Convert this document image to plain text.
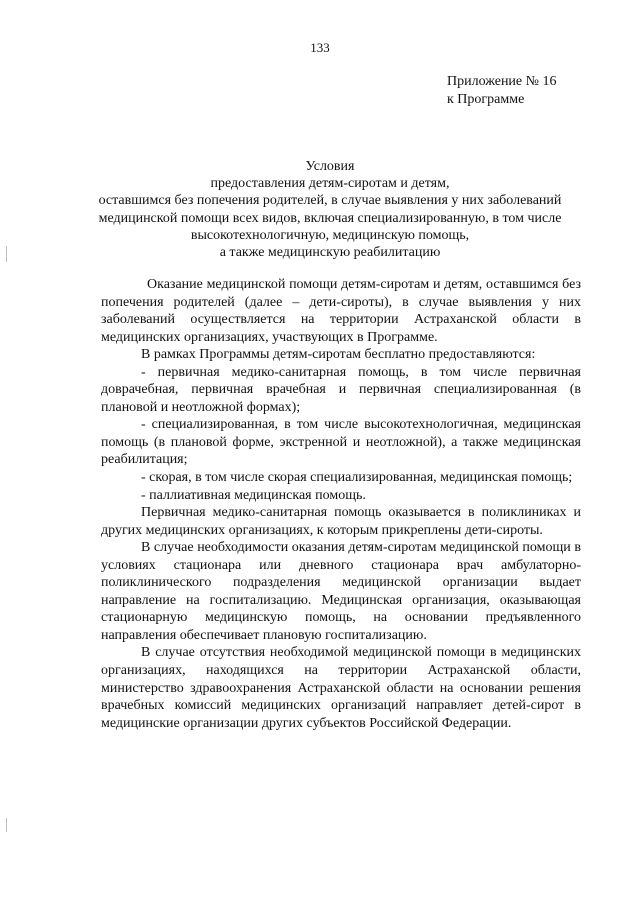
133
Приложение № 16
к Программе
Условия
предоставления детям-сиротам и детям,
оставшимся без попечения родителей, в случае выявления у них заболеваний
медицинской помощи всех видов, включая специализированную, в том числе
высокотехнологичную, медицинскую помощь,
а также медицинскую реабилитацию

Оказание медицинской помощи детям-сиротам и детям, оставшимся без попечения родителей (далее – дети-сироты), в случае выявления у них заболеваний осуществляется на территории Астраханской области в медицинских организациях, участвующих в Программе.

В рамках Программы детям-сиротам бесплатно предоставляются:

- первичная медико-санитарная помощь, в том числе первичная доврачебная, первичная врачебная и первичная специализированная (в плановой и неотложной формах);

- специализированная, в том числе высокотехнологичная, медицинская помощь (в плановой форме, экстренной и неотложной), а также медицинская реабилитация;

- скорая, в том числе скорая специализированная, медицинская помощь;

- паллиативная медицинская помощь.

Первичная медико-санитарная помощь оказывается в поликлиниках и других медицинских организациях, к которым прикреплены дети-сироты.

В случае необходимости оказания детям-сиротам медицинской помощи в условиях стационара или дневного стационара врач амбулаторно-поликлинического подразделения медицинской организации выдает направление на госпитализацию. Медицинская организация, оказывающая стационарную медицинскую помощь, на основании предъявленного направления обеспечивает плановую госпитализацию.

В случае отсутствия необходимой медицинской помощи в медицинских организациях, находящихся на территории Астраханской области, министерство здравоохранения Астраханской области на основании решения врачебных комиссий медицинских организаций направляет детей-сирот в медицинские организации других субъектов Российской Федерации.
